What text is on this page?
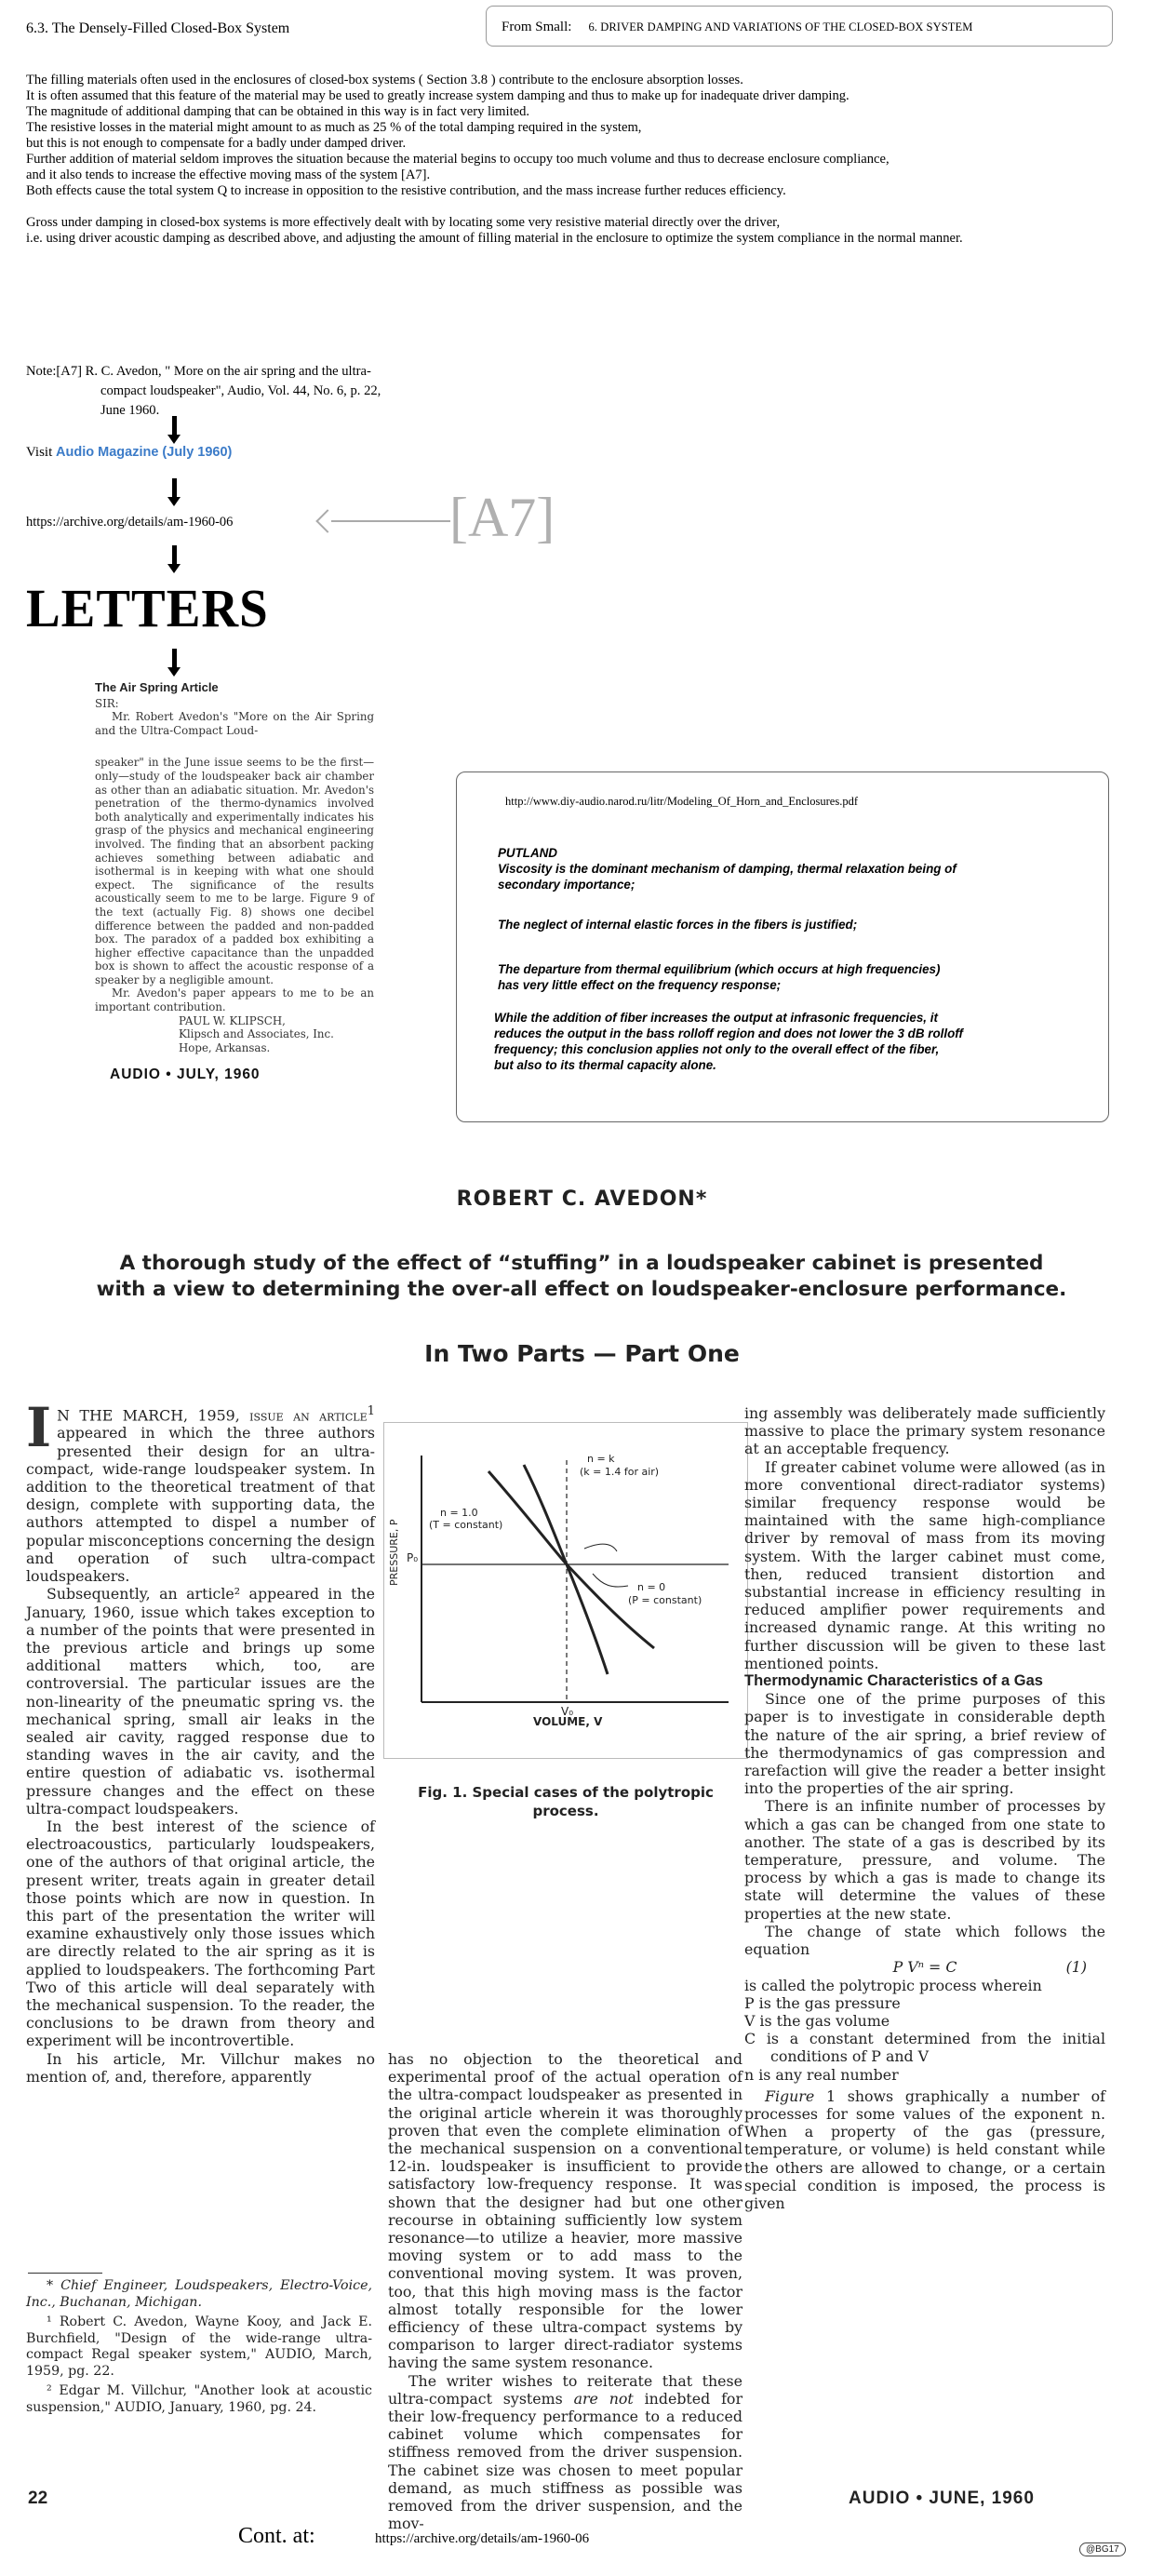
6.3. The Densely-Filled Closed-Box System	From Small: 6. DRIVER DAMPING AND VARIATIONS OF THE CLOSED-BOX SYSTEM

The filling materials often used in the enclosures of closed-box systems ( Section 3.8 ) contribute to the enclosure absorption losses.

It is often assumed that this feature of the material may be used to greatly increase system damping and thus to make up for inadequate driver damping.

The magnitude of additional damping that can be obtained in this way is in fact very limited.

The resistive losses in the material might amount to as much as 25 % of the total damping required in the system,

but this is not enough to compensate for a badly under damped driver.

Further addition of material seldom improves the situation because the material begins to occupy too much volume and thus to decrease enclosure compliance,

and it also tends to increase the effective moving mass of the system [A7].

Both effects cause the total system Q to increase in opposition to the resistive contribution, and the mass increase further reduces efficiency.

Gross under damping in closed-box systems is more effectively dealt with by locating some very resistive material directly over the driver,

i.e. using driver acoustic damping as described above, and adjusting the amount of filling material in the enclosure to optimize the system compliance in the normal manner.

Note:[A7] R. C. Avedon, " More on the air spring and the ultra-
compact loudspeaker", Audio, Vol. 44, No. 6, p. 22,
June 1960.
Visit Audio Magazine (July 1960)
https://archive.org/details/am-1960-06	[A7]
LETTERS
The Air Spring Article
SIR:
Mr. Robert Avedon's "More on the Air Spring and the Ultra-Compact Loud-
speaker" in the June issue seems to be the first—only—study of the loudspeaker back air chamber as other than an adiabatic situation. Mr. Avedon's penetration of the thermo-dynamics involved both analytically and experimentally indicates his grasp of the physics and mechanical engineering involved. The finding that an absorbent packing achieves something between adiabatic and isothermal is in keeping with what one should expect. The significance of the results acoustically seem to me to be large. Figure 9 of the text (actually Fig. 8) shows one decibel difference between the padded and non-padded box. The paradox of a padded box exhibiting a higher effective capacitance than the unpadded box is shown to affect the acoustic response of a speaker by a negligible amount.
Mr. Avedon's paper appears to me to be an important contribution.
PAUL W. KLIPSCH,
Klipsch and Associates, Inc.
Hope, Arkansas.
AUDIO • JULY, 1960
http://www.diy-audio.narod.ru/litr/Modeling_Of_Horn_and_Enclosures.pdf
PUTLAND
Viscosity is the dominant mechanism of damping, thermal relaxation being of
secondary importance;
The neglect of internal elastic forces in the fibers is justified;
The departure from thermal equilibrium (which occurs at high frequencies)
has very little effect on the frequency response;
While the addition of fiber increases the output at infrasonic frequencies, it
reduces the output in the bass rolloff region and does not lower the 3 dB rolloff
frequency; this conclusion applies not only to the overall effect of the fiber,
but also to its thermal capacity alone.
ROBERT C. AVEDON*
A thorough study of the effect of “stuffing” in a loudspeaker cabinet is presented
with a view to determining the over-all effect on loudspeaker-enclosure performance.
In Two Parts — Part One

I N THE MARCH, 1959, issue an article$^1$ appeared in which the three authors presented their design for an ultra-compact, wide-range loudspeaker system. In addition to the theoretical treatment of that design, complete with supporting data, the authors attempted to dispel a number of popular misconceptions concerning the design and operation of such ultra-compact loudspeakers.

Subsequently, an article² appeared in the January, 1960, issue which takes exception to a number of the points that were presented in the previous article and brings up some additional matters which, too, are controversial. The particular issues are the non-linearity of the pneumatic spring vs. the mechanical spring, small air leaks in the sealed air cavity, ragged response due to standing waves in the air cavity, and the entire question of adiabatic vs. isothermal pressure changes and the effect on these ultra-compact loudspeakers.

In the best interest of the science of electroacoustics, particularly loudspeakers, one of the authors of that original article, the present writer, treats again in greater detail those points which are now in question. In this part of the presentation the writer will examine exhaustively only those issues which are directly related to the air spring as it is applied to loudspeakers. The forthcoming Part Two of this article will deal separately with the mechanical suspension. To the reader, the conclusions to be drawn from theory and experiment will be incontrovertible.

In his article, Mr. Villchur makes no mention of, and, therefore, apparently

* Chief Engineer, Loudspeakers, Electro-Voice, Inc., Buchanan, Michigan.

¹ Robert C. Avedon, Wayne Kooy, and Jack E. Burchfield, "Design of the wide-range ultra-compact Regal speaker system," AUDIO, March, 1959, pg. 22.

² Edgar M. Villchur, "Another look at acoustic suspension," AUDIO, January, 1960, pg. 24.

PRESSURE, P
VOLUME, V
P₀
V₀
n = k
(k = 1.4 for air)
n = 1.0
(T = constant)
n = 0
(P = constant)
Fig. 1. Special cases of the polytropic
process.

has no objection to the theoretical and experimental proof of the actual operation of the ultra-compact loudspeaker as presented in the original article wherein it was thoroughly proven that even the complete elimination of the mechanical suspension on a conventional 12-in. loudspeaker is insufficient to provide satisfactory low-frequency response. It was shown that the designer had but one other recourse in obtaining sufficiently low system resonance—to utilize a heavier, more massive moving system or to add mass to the conventional moving system. It was proven, too, that this high moving mass is the factor almost totally responsible for the lower efficiency of these ultra-compact systems by comparison to larger direct-radiator systems having the same system resonance.

The writer wishes to reiterate that these ultra-compact systems are not indebted for their low-frequency performance to a reduced cabinet volume which compensates for stiffness removed from the driver suspension. The cabinet size was chosen to meet popular demand, as much stiffness as possible was removed from the driver suspension, and the mov-

ing assembly was deliberately made sufficiently massive to place the primary system resonance at an acceptable frequency.

If greater cabinet volume were allowed (as in more conventional direct-radiator systems) similar frequency response would be maintained with the same high-compliance driver by removal of mass from its moving system. With the larger cabinet must come, then, reduced transient distortion and substantial increase in efficiency resulting in reduced amplifier power requirements and increased dynamic range. At this writing no further discussion will be given to these last mentioned points.

Thermodynamic Characteristics of a Gas

Since one of the prime purposes of this paper is to investigate in considerable depth the nature of the air spring, a brief review of the thermodynamics of gas compression and rarefaction will give the reader a better insight into the properties of the air spring.

There is an infinite number of processes by which a gas can be changed from one state to another. The state of a gas is described by its temperature, pressure, and volume. The process by which a gas is made to change its state will determine the values of these properties at the new state.

The change of state which follows the equation

P Vⁿ = C	(1)

is called the polytropic process wherein

P is the gas pressure
V is the gas volume
C is a constant determined from the initial conditions of P and V
n is any real number

Figure 1 shows graphically a number of processes for some values of the exponent n. When a property of the gas (pressure, temperature, or volume) is held constant while the others are allowed to change, or a certain special condition is imposed, the process is given

22	AUDIO • JUNE, 1960
Cont. at:	https://archive.org/details/am-1960-06
@BG17
